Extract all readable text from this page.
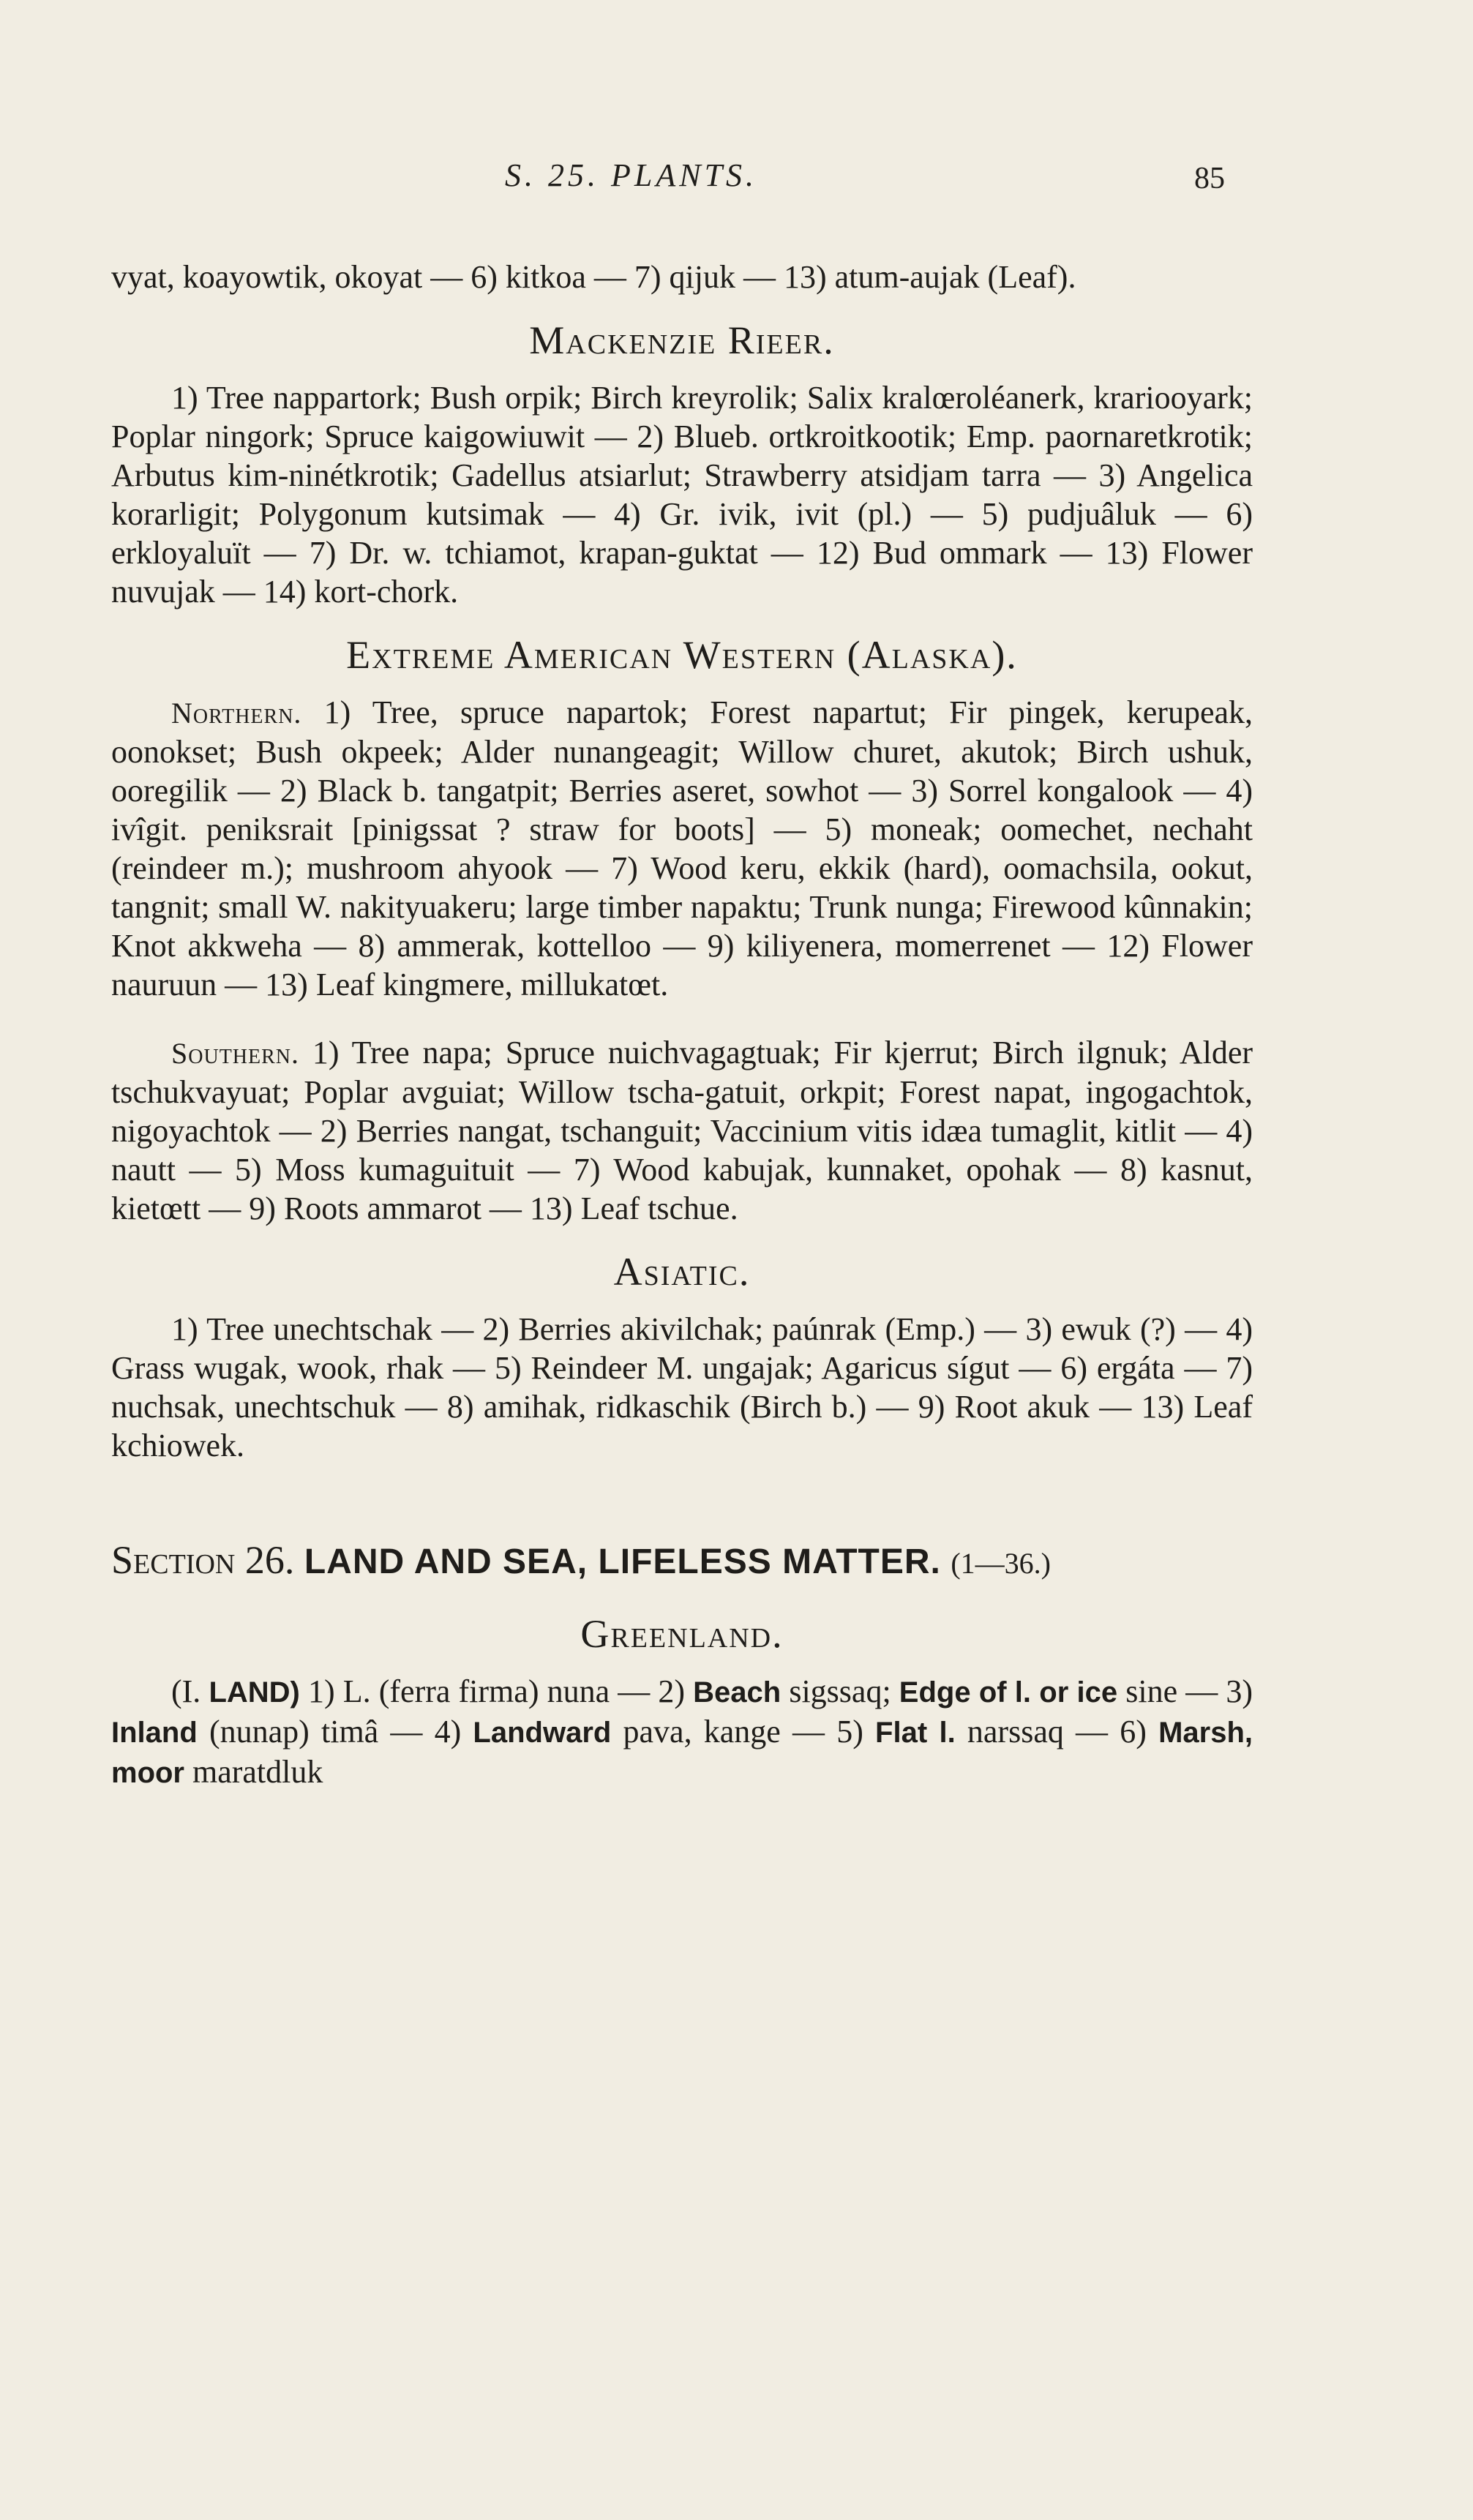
S. 25. PLANTS.	85

vyat, koayowtik, okoyat — 6) kitkoa — 7) qijuk — 13) atum-aujak (Leaf).

Mackenzie Rieer.

1) Tree nappartork; Bush orpik; Birch kreyrolik; Salix kralœroléanerk, krariooyark; Poplar ningork; Spruce kaigowiuwit — 2) Blueb. ortkroitkootik; Emp. paornaretkrotik; Arbutus kim-ninétkrotik; Gadellus atsiarlut; Strawberry atsidjam tarra — 3) Angelica korarligit; Polygonum kutsimak — 4) Gr. ivik, ivit (pl.) — 5) pudjuâluk — 6) erkloyaluït — 7) Dr. w. tchiamot, krapan-guktat — 12) Bud ommark — 13) Flower nuvujak — 14) kort-chork.

Extreme American Western (Alaska).

Northern. 1) Tree, spruce napartok; Forest napartut; Fir pingek, kerupeak, oonokset; Bush okpeek; Alder nunangeagit; Willow churet, akutok; Birch ushuk, ooregilik — 2) Black b. tangatpit; Berries aseret, sowhot — 3) Sorrel kongalook — 4) ivîgit. peniksrait [pinigssat ? straw for boots] — 5) moneak; oomechet, nechaht (reindeer m.); mushroom ahyook — 7) Wood keru, ekkik (hard), oomachsila, ookut, tangnit; small W. nakityuakeru; large timber napaktu; Trunk nunga; Firewood kûnnakin; Knot akkweha — 8) ammerak, kottelloo — 9) kiliyenera, momerrenet — 12) Flower nauruun — 13) Leaf kingmere, millukatœt.

Southern. 1) Tree napa; Spruce nuichvagagtuak; Fir kjerrut; Birch ilgnuk; Alder tschukvayuat; Poplar avguiat; Willow tscha-gatuit, orkpit; Forest napat, ingogachtok, nigoyachtok — 2) Berries nangat, tschanguit; Vaccinium vitis idæa tumaglit, kitlit — 4) nautt — 5) Moss kumaguituit — 7) Wood kabujak, kunnaket, opohak — 8) kasnut, kietœtt — 9) Roots ammarot — 13) Leaf tschue.

Asiatic.

1) Tree unechtschak — 2) Berries akivilchak; paúnrak (Emp.) — 3) ewuk (?) — 4) Grass wugak, wook, rhak — 5) Reindeer M. ungajak; Agaricus sígut — 6) ergáta — 7) nuchsak, unechtschuk — 8) amihak, ridkaschik (Birch b.) — 9) Root akuk — 13) Leaf kchiowek.

Section 26. LAND AND SEA, LIFELESS MATTER. (1—36.)
Greenland.

(I. LAND) 1) L. (ferra firma) nuna — 2) Beach sigssaq; Edge of l. or ice sine — 3) Inland (nunap) timâ — 4) Landward pava, kange — 5) Flat l. narssaq — 6) Marsh, moor maratdluk
